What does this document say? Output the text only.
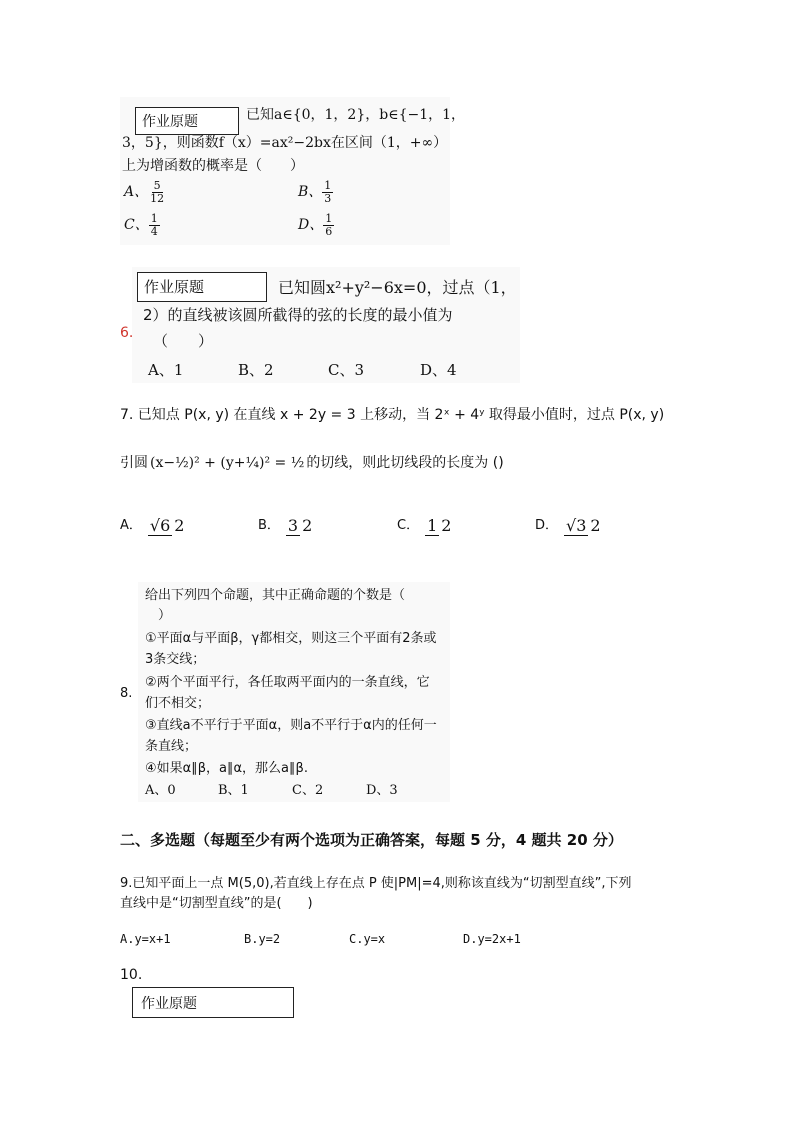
作业原题	已知a∈{0，1，2}，b∈{−1，1，
3，5}，则函数f（x）=ax²−2bx在区间（1，+∞）
上为增函数的概率是（　　）
A、 $\frac{5}{12}$	B、 $\frac{1}{3}$
C、 $\frac{1}{4}$	D、 $\frac{1}{6}$
作业原题
6.
已知圆x²+y²−6x=0，过点（1，
2）的直线被该圆所截得的弦的长度的最小值为
（　　）
A、1	B、2	C、3	D、4
7. 已知点 P(x, y) 在直线 x + 2y = 3 上移动，当 2ˣ + 4ʸ 取得最小值时，过点 P(x, y)
引圆 (x−½)² + (y+¼)² = ½ 的切线，则此切线段的长度为 ()
A． √6 2	B． 3 2	C． 1 2	D． √3 2
8.
给出下列四个命题，其中正确命题的个数是（
　）
①平面α与平面β，γ都相交，则这三个平面有2条或
3条交线；
②两个平面平行，各任取两平面内的一条直线，它
们不相交；
③直线a不平行于平面α，则a不平行于α内的任何一
条直线；
④如果α∥β，a∥α，那么a∥β.
A、0	B、1	C、2	D、3
二、多选题（每题至少有两个选项为正确答案，每题 5 分，4 题共 20 分）
9.已知平面上一点 M(5,0),若直线上存在点 P 使|PM|=4,则称该直线为“切割型直线”,下列
直线中是“切割型直线”的是(　　)
A.y=x+1	B.y=2	C.y=x	D.y=2x+1
10.
作业原题
